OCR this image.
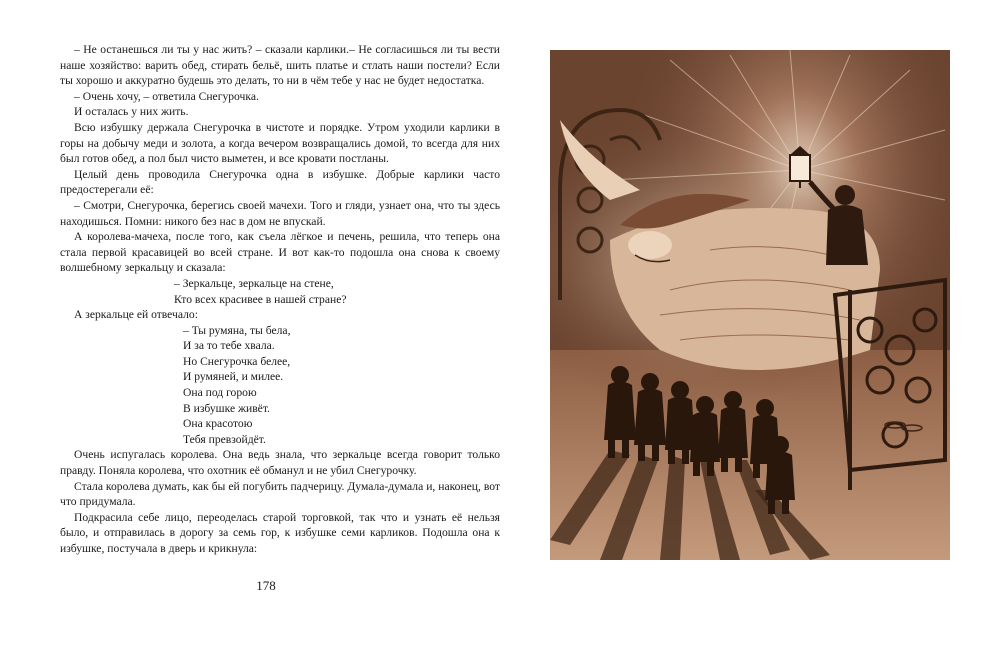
– Не останешься ли ты у нас жить? – сказали карлики.– Не согласишься ли ты вести наше хозяйство: варить обед, стирать бельё, шить платье и стлать наши постели? Если ты хорошо и аккуратно будешь это делать, то ни в чём тебе у нас не будет недостатка.

– Очень хочу, – ответила Снегурочка.

И осталась у них жить.

Всю избушку держала Снегурочка в чистоте и порядке. Утром уходили карлики в горы на добычу меди и золота, а когда вечером возвращались домой, то всегда для них был готов обед, а пол был чисто выметен, и все кровати постланы.

Целый день проводила Снегурочка одна в избушке. Добрые карлики часто предостерегали её:

– Смотри, Снегурочка, берегись своей мачехи. Того и гляди, узнает она, что ты здесь находишься. Помни: никого без нас в дом не впускай.

А королева-мачеха, после того, как съела лёгкое и печень, решила, что теперь она стала первой красавицей во всей стране. И вот как-то подошла она снова к своему волшебному зеркальцу и сказала:

– Зеркальце, зеркальце на стене,

Кто всех красивее в нашей стране?

А зеркальце ей отвечало:

– Ты румяна, ты бела,

И за то тебе хвала.

Но Снегурочка белее,

И румяней, и милее.

Она под горою

В избушке живёт.

Она красотою

Тебя превзойдёт.

Очень испугалась королева. Она ведь знала, что зеркальце всегда говорит только правду. Поняла королева, что охотник её обманул и не убил Снегурочку.

Стала королева думать, как бы ей погубить падчерицу. Думала-думала и, наконец, вот что придумала.

Подкрасила себе лицо, переоделась старой торговкой, так что и узнать её нельзя было, и отправилась в дорогу за семь гор, к избушке семи карликов. Подошла она к избушке, постучала в дверь и крикнула:

178
